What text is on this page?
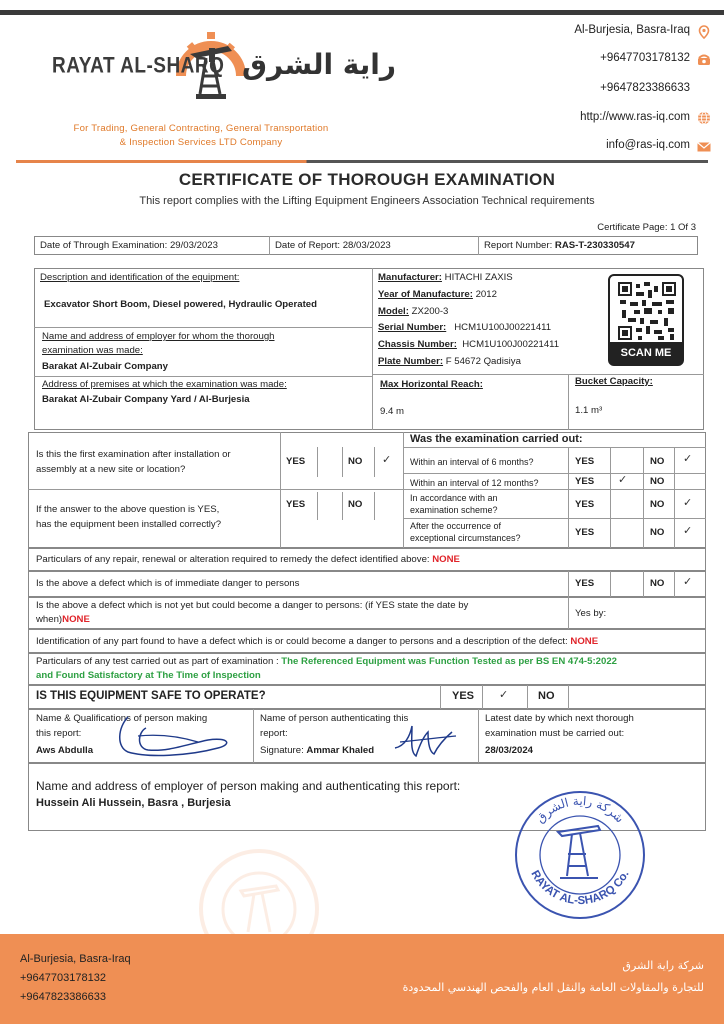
RAYAT AL-SHARQ راية الشرق
For Trading, General Contracting, General Transportation
& Inspection Services LTD Company
Al-Burjesia, Basra-Iraq
+9647703178132
+9647823386633
http://www.ras-iq.com
info@ras-iq.com
CERTIFICATE OF THOROUGH EXAMINATION
This report complies with the Lifting Equipment Engineers Association Technical requirements
Certificate Page: 1 Of 3
Date of Through Examination: 29/03/2023	Date of Report: 28/03/2023	Report Number: RAS-T-230330547
Description and identification of the equipment:
Excavator Short Boom, Diesel powered, Hydraulic Operated
Name and address of employer for whom the thorough
examination was made:
Barakat Al-Zubair Company
Address of premises at which the examination was made:
Barakat Al-Zubair Company Yard / Al-Burjesia
Manufacturer: HITACHI ZAXIS
Year of Manufacture: 2012
Model: ZX200-3
Serial Number: HCM1U100J00221411
Chassis Number: HCM1U100J00221411
Plate Number: F 54672 Qadisiya
SCAN ME
Max Horizontal Reach:
9.4 m
Bucket Capacity:
1.1 m³
Is this the first examination after installation or
assembly at a new site or location?
YES	NO ✓
If the answer to the above question is YES,
has the equipment been installed correctly?
YES	NO
Was the examination carried out:
Within an interval of 6 months?	YES	NO ✓
Within an interval of 12 months?	YES ✓ NO
In accordance with an
examination scheme?	YES	NO ✓
After the occurrence of
exceptional circumstances?	YES	NO ✓
Particulars of any repair, renewal or alteration required to remedy the defect identified above: NONE
Is the above a defect which is of immediate danger to persons	YES	NO ✓
Is the above a defect which is not yet but could become a danger to persons: (if YES state the date by
when)NONE
Yes by:
Identification of any part found to have a defect which is or could become a danger to persons and a description of the defect: NONE
Particulars of any test carried out as part of examination : The Referenced Equipment was Function Tested as per BS EN 474-5:2022
and Found Satisfactory at The Time of Inspection
IS THIS EQUIPMENT SAFE TO OPERATE?	YES ✓	NO
Name & Qualifications of person making
this report:
Aws Abdulla
Name of person authenticating this
report:
Signature: Ammar Khaled
Latest date by which next thorough
examination must be carried out:
28/03/2024
Name and address of employer of person making and authenticating this report:
Hussein Ali Hussein, Basra , Burjesia
شركة راية الشرق
RAYAT AL-SHARQ Co.
Al-Burjesia, Basra-Iraq
+9647703178132
+9647823386633
شركة راية الشرق
للتجارة والمقاولات العامة والنقل العام والفحص الهندسي المحدودة
